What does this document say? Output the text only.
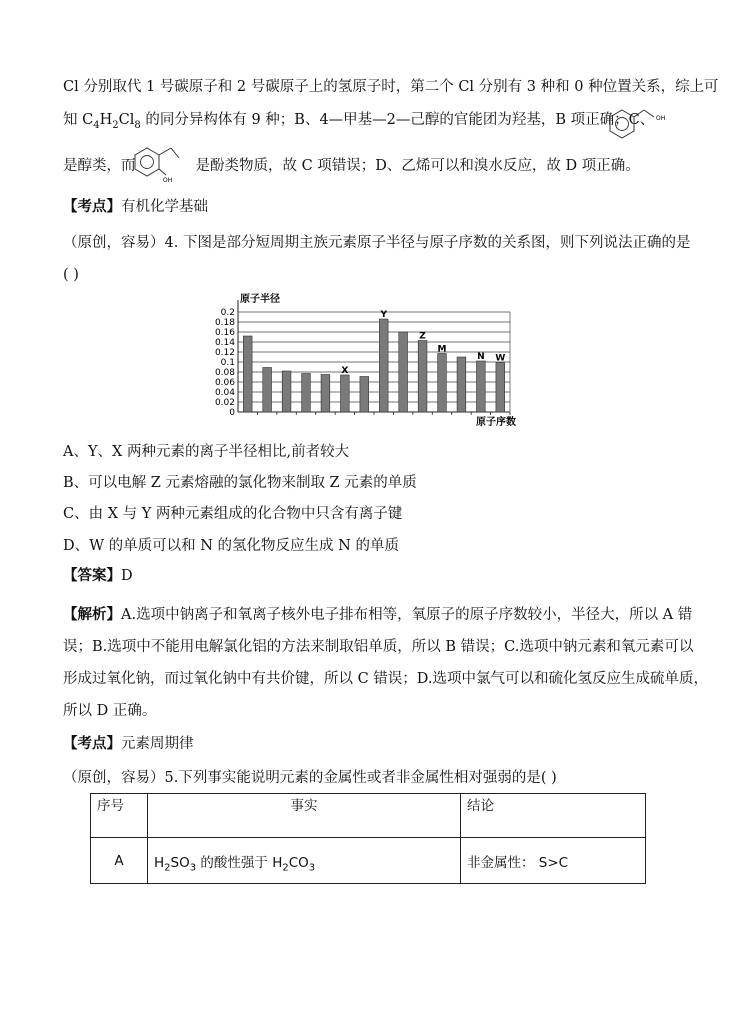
Cl 分别取代 1 号碳原子和 2 号碳原子上的氢原子时，第二个 Cl 分别有 3 种和 0 种位置关系，综上可
知 $C_4H_2Cl_8$ 的同分异构体有 9 种；B、4—甲基—2—己醇的官能团为羟基，B 项正确；C、 OH
是醇类，而	是酚类物质，故 C 项错误；D、乙烯可以和溴水反应，故 D 项正确。
OH
【考点】有机化学基础
（原创，容易）4. 下图是部分短周期主族元素原子半径与原子序数的关系图，则下列说法正确的是
( )
X
Y
Z
M
N W
0
0.02
0.04
0.06
0.08
0.1
0.12
0.14
0.16
0.18
0.2
原子半径
原子序数
A、Y、X 两种元素的离子半径相比,前者较大
B、可以电解 Z 元素熔融的氯化物来制取 Z 元素的单质
C、由 X 与 Y 两种元素组成的化合物中只含有离子键
D、W 的单质可以和 N 的氢化物反应生成 N 的单质
【答案】D
【解析】A.选项中钠离子和氧离子核外电子排布相等，氧原子的原子序数较小，半径大，所以 A 错
误；B.选项中不能用电解氯化铝的方法来制取铝单质，所以 B 错误；C.选项中钠元素和氧元素可以
形成过氧化钠，而过氧化钠中有共价键，所以 C 错误；D.选项中氯气可以和硫化氢反应生成硫单质，
所以 D 正确。
【考点】元素周期律
（原创，容易）5.下列事实能说明元素的金属性或者非金属性相对强弱的是( )
序号	事实	结论
A	$H_2SO_3$ 的酸性强于 $H_2CO_3$	非金属性： S>C
